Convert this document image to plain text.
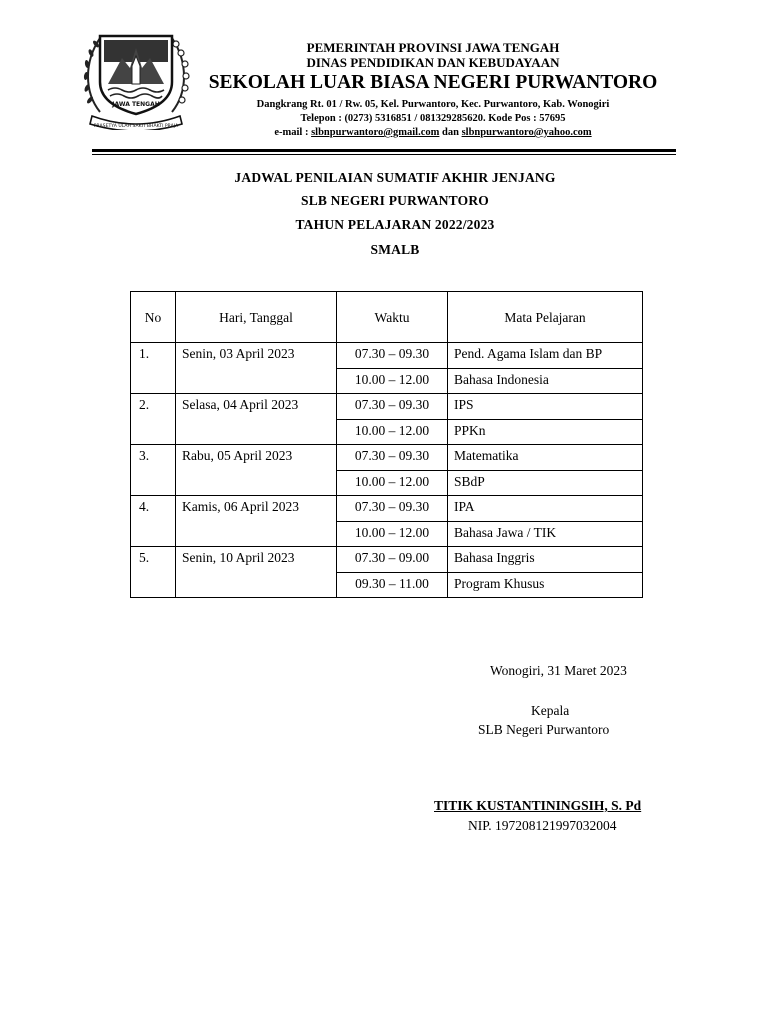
JAWA TENGAH
PRASETYA ULAH SAKTI BHAKTI PRAJA
PEMERINTAH PROVINSI JAWA TENGAH
DINAS PENDIDIKAN DAN KEBUDAYAAN
SEKOLAH LUAR BIASA NEGERI PURWANTORO
Dangkrang Rt. 01 / Rw. 05, Kel. Purwantoro, Kec. Purwantoro, Kab. Wonogiri
Telepon : (0273) 5316851 / 081329285620. Kode Pos : 57695
e-mail : slbnpurwantoro@gmail.com dan slbnpurwantoro@yahoo.com
JADWAL PENILAIAN SUMATIF AKHIR JENJANG
SLB NEGERI PURWANTORO
TAHUN PELAJARAN 2022/2023
SMALB
No	Hari, Tanggal	Waktu	Mata Pelajaran
1.	Senin, 03 April 2023	07.30 – 09.30	Pend. Agama Islam dan BP
		10.00 – 12.00	Bahasa Indonesia
2.	Selasa, 04 April 2023	07.30 – 09.30	IPS
		10.00 – 12.00	PPKn
3.	Rabu, 05 April 2023	07.30 – 09.30	Matematika
		10.00 – 12.00	SBdP
4.	Kamis, 06 April 2023	07.30 – 09.30	IPA
		10.00 – 12.00	Bahasa Jawa / TIK
5.	Senin, 10 April 2023	07.30 – 09.00	Bahasa Inggris
		09.30 – 11.00	Program Khusus
Wonogiri, 31 Maret 2023
Kepala
SLB Negeri Purwantoro
TITIK KUSTANTININGSIH, S. Pd
NIP. 197208121997032004
